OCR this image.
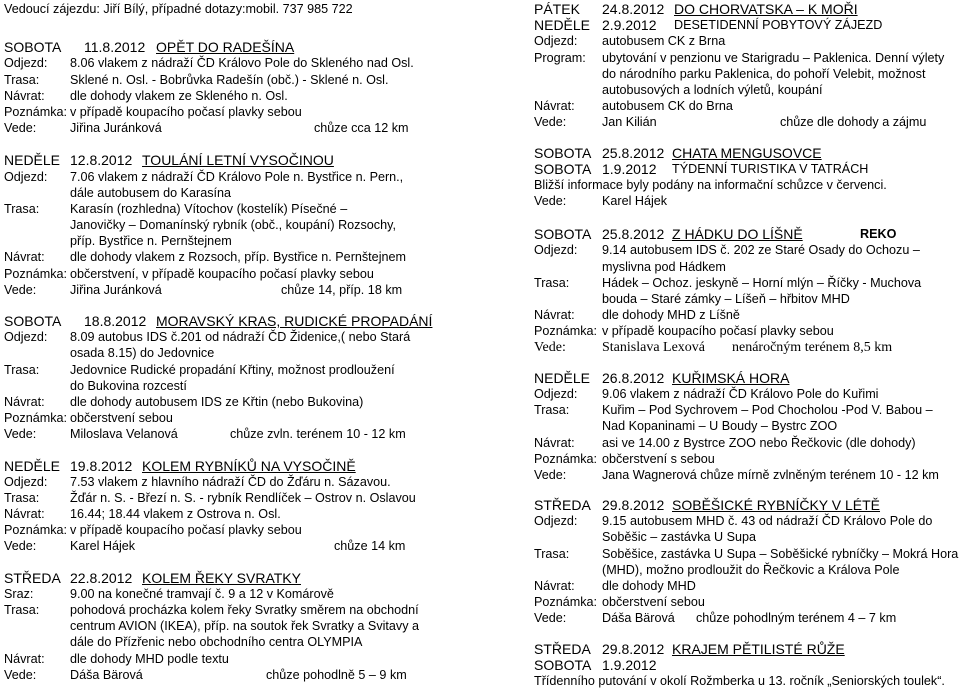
Vedoucí zájezdu: Jiří Bílý, případné dotazy:mobil. 737 985 722
SOBOTA 11.8.2012 OPĚT DO RADEŠÍNA
Odjezd: 8.06 vlakem z nádraží ČD Královo Pole do Skleného nad Osl.
Trasa: Sklené n. Osl. - Bobrůvka Radešín (obč.) - Sklené n. Osl.
Návrat: dle dohody vlakem ze Skleného n. Osl.
Poznámka: v případě koupacího počasí plavky sebou
Vede:	Jiřina Juránková	chůze cca 12 km
NEDĚLE 12.8.2012 TOULÁNÍ LETNÍ VYSOČINOU
Odjezd: 7.06 vlakem z nádraží ČD Královo Pole n. Bystřice n. Pern.,
dále autobusem do Karasína
Trasa: Karasín (rozhledna) Vítochov (kostelík) Písečné –
Janovičky – Domanínský rybník (obč., koupání) Rozsochy,
příp. Bystřice n. Pernštejnem
Návrat: dle dohody vlakem z Rozsoch, příp. Bystřice n. Pernštejnem
Poznámka: občerstvení, v případě koupacího počasí plavky sebou
Vede:	Jiřina Juránková	chůze 14, příp. 18 km
SOBOTA 18.8.2012 MORAVSKÝ KRAS, RUDICKÉ PROPADÁNÍ
Odjezd: 8.09 autobus IDS č.201 od nádraží ČD Židenice,( nebo Stará
osada 8.15) do Jedovnice
Trasa: Jedovnice Rudické propadání Křtiny, možnost prodloužení
do Bukovina rozcestí
Návrat: dle dohody autobusem IDS ze Křtin (nebo Bukovina)
Poznámka: občerstvení sebou
Vede:	Miloslava Velanová	chůze zvln. terénem 10 - 12 km
NEDĚLE 19.8.2012 KOLEM RYBNÍKŮ NA VYSOČINĚ
Odjezd: 7.53 vlakem z hlavního nádraží ČD do Žďáru n. Sázavou.
Trasa: Žďár n. S. - Březí n. S. - rybník Rendlíček – Ostrov n. Oslavou
Návrat: 16.44; 18.44 vlakem z Ostrova n. Osl.
Poznámka: v případě koupacího počasí plavky sebou
Vede:	Karel Hájek	chůze 14 km
STŘEDA 22.8.2012 KOLEM ŘEKY SVRATKY
Sraz:	9.00 na konečné tramvají č. 9 a 12 v Komárově
Trasa: pohodová procházka kolem řeky Svratky směrem na obchodní
centrum AVION (IKEA), příp. na soutok řek Svratky a Svitavy a
dále do Přízřenic nebo obchodního centra OLYMPIA
Návrat: dle dohody MHD podle textu
Vede:	Dáša Bärová	chůze pohodlně 5 – 9 km
PÁTEK 24.8.2012 DO CHORVATSKA – K MOŘI
NEDĚLE 2.9.2012 DESETIDENNÍ POBYTOVÝ ZÁJEZD
Odjezd: autobusem CK z Brna
Program: ubytování v penzionu ve Starigradu – Paklenica. Denní výlety
do národního parku Paklenica, do pohoří Velebit, možnost
autobusových a lodních výletů, koupání
Návrat: autobusem CK do Brna
Vede:	Jan Kilián	chůze dle dohody a zájmu
SOBOTA 25.8.2012 CHATA MENGUSOVCE
SOBOTA 1.9.2012 TÝDENNÍ TURISTIKA V TATRÁCH
Bližší informace byly podány na informační schůzce v červenci.
Vede:	Karel Hájek
SOBOTA 25.8.2012 Z HÁDKU DO LÍŠNĚ	REKO
Odjezd: 9.14 autobusem IDS č. 202 ze Staré Osady do Ochozu –
myslivna pod Hádkem
Trasa:	Hádek – Ochoz. jeskyně – Horní mlýn – Říčky - Muchova
bouda – Staré zámky – Líšeň – hřbitov MHD
Návrat: dle dohody MHD z Líšně
Poznámka: v případě koupacího počasí plavky sebou
Vede:	Stanislava Lexová nenáročným terénem 8,5 km
NEDĚLE 26.8.2012 KUŘIMSKÁ HORA
Odjezd: 9.06 vlakem z nádraží ČD Královo Pole do Kuřimi
Trasa:	Kuřim – Pod Sychrovem – Pod Chocholou -Pod V. Babou –
Nad Kopaninami – U Boudy – Bystrc ZOO
Návrat: asi ve 14.00 z Bystrce ZOO nebo Řečkovic (dle dohody)
Poznámka: občerstvení s sebou
Vede:	Jana Wagnerová chůze mírně zvlněným terénem 10 - 12 km
STŘEDA 29.8.2012 SOBĚŠICKÉ RYBNÍČKY V LÉTĚ
Odjezd: 9.15 autobusem MHD č. 43 od nádraží ČD Královo Pole do
Soběšic – zastávka U Supa
Trasa:	Soběšice, zastávka U Supa – Soběšické rybníčky – Mokrá Hora
(MHD), možno prodloužit do Řečkovic a Králova Pole
Návrat: dle dohody MHD
Poznámka: občerstvení sebou
Vede:	Dáša Bärová chůze pohodlným terénem 4 – 7 km
STŘEDA 29.8.2012 KRAJEM PĚTILISTÉ RŮŽE
SOBOTA 1.9.2012
Třídenního putování v okolí Rožmberka u 13. ročník „Seniorských toulek“.
